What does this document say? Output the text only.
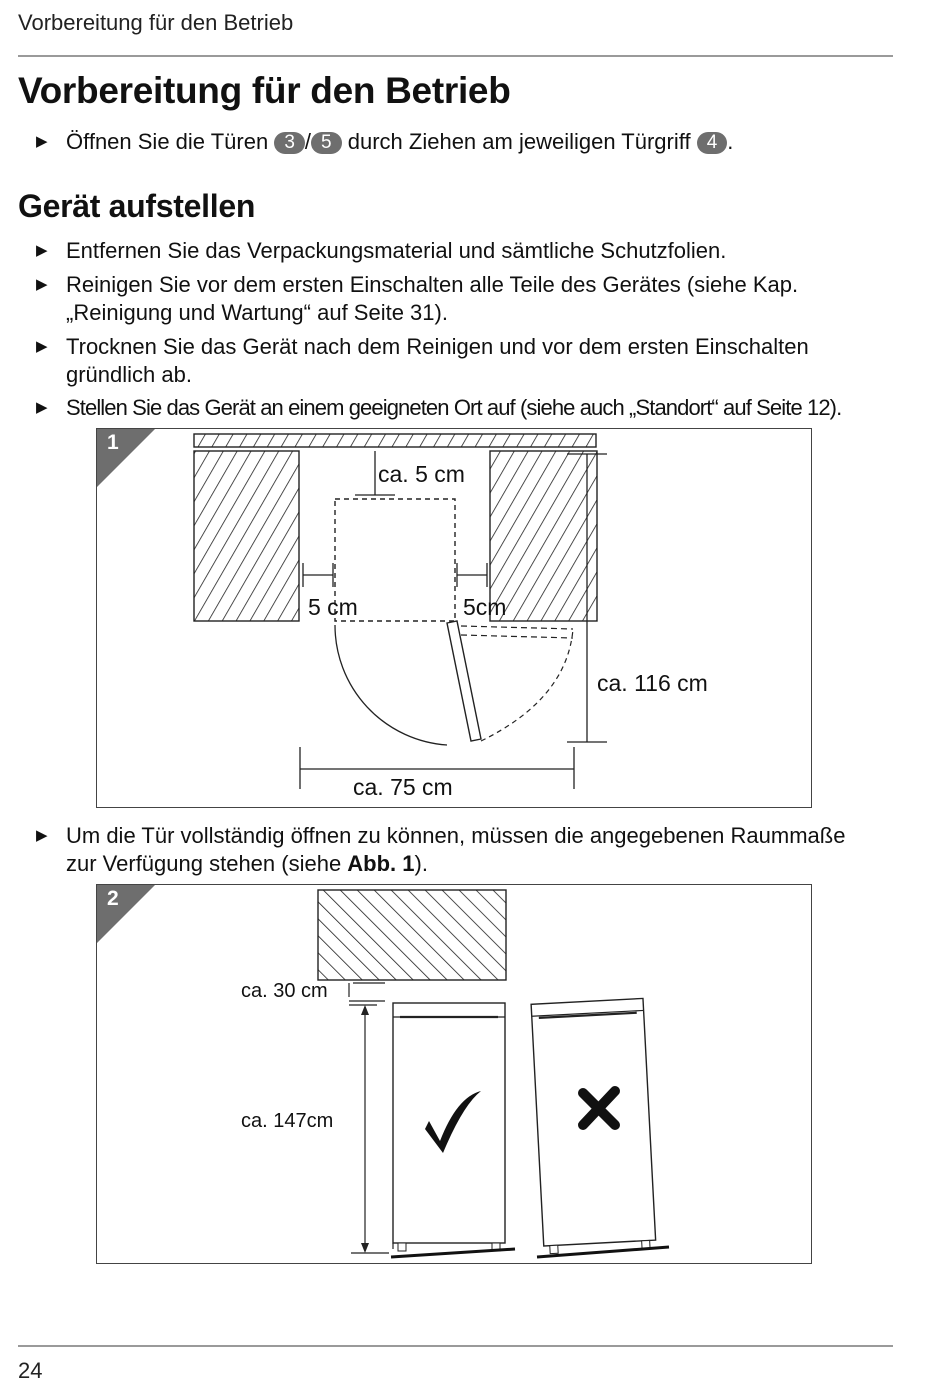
Vorbereitung für den Betrieb
Vorbereitung für den Betrieb
▶ Öffnen Sie die Türen 3 / 5 durch Ziehen am jeweiligen Türgriff 4 .
Gerät aufstellen
▶ Entfernen Sie das Verpackungsmaterial und sämtliche Schutzfolien.
▶ Reinigen Sie vor dem ersten Einschalten alle Teile des Gerätes (siehe Kap. „Reinigung und Wartung“ auf Seite 31).
▶ Trocknen Sie das Gerät nach dem Reinigen und vor dem ersten Einschalten gründlich ab.
▶ Stellen Sie das Gerät an einem geeigneten Ort auf (siehe auch „Standort“ auf Seite 12).
ca. 5 cm
5 cm	5cm
ca. 116 cm
ca. 75 cm
1
▶ Um die Tür vollständig öffnen zu können, müssen die angegebenen Raummaße zur Verfügung stehen (siehe Abb. 1).
ca. 30 cm
ca. 147cm
2
24
